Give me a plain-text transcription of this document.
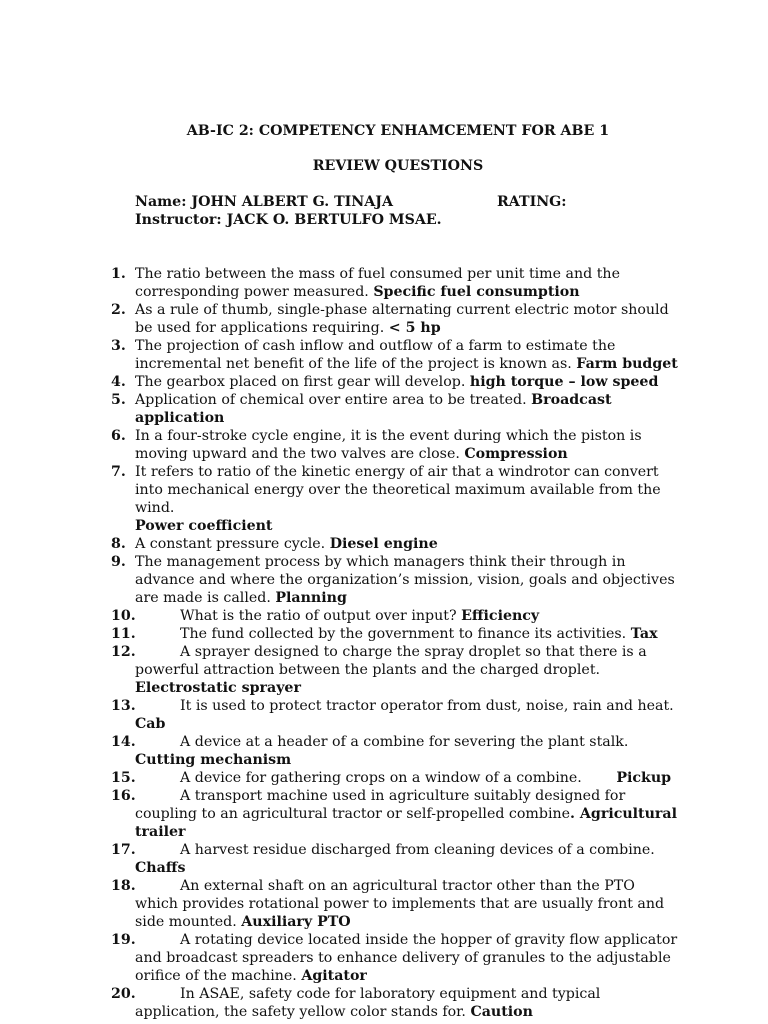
AB-IC 2: COMPETENCY ENHAMCEMENT FOR ABE 1
REVIEW QUESTIONS
Name: JOHN ALBERT G. TINAJA	RATING:
Instructor: JACK O. BERTULFO MSAE.
1. The ratio between the mass of fuel consumed per unit time and the corresponding power measured. Specific fuel consumption
2. As a rule of thumb, single-phase alternating current electric motor should be used for applications requiring. < 5 hp
3. The projection of cash inflow and outflow of a farm to estimate the incremental net benefit of the life of the project is known as. Farm budget
4. The gearbox placed on first gear will develop. high torque – low speed
5. Application of chemical over entire area to be treated. Broadcast application
6. In a four-stroke cycle engine, it is the event during which the piston is moving upward and the two valves are close. Compression
7. It refers to ratio of the kinetic energy of air that a windrotor can convert into mechanical energy over the theoretical maximum available from the wind.
Power coefficient
8. A constant pressure cycle. Diesel engine
9. The management process by which managers think their through in advance and where the organization’s mission, vision, goals and objectives are made is called. Planning
10.	What is the ratio of output over input? Efficiency
11.	The fund collected by the government to finance its activities. Tax
12.	A sprayer designed to charge the spray droplet so that there is a powerful attraction between the plants and the charged droplet. Electrostatic sprayer
13.	It is used to protect tractor operator from dust, noise, rain and heat. Cab
14.	A device at a header of a combine for severing the plant stalk. Cutting mechanism
15.	A device for gathering crops on a window of a combine. Pickup
16.	A transport machine used in agriculture suitably designed for coupling to an agricultural tractor or self-propelled combine. Agricultural trailer
17.	A harvest residue discharged from cleaning devices of a combine. Chaffs
18.	An external shaft on an agricultural tractor other than the PTO which provides rotational power to implements that are usually front and side mounted. Auxiliary PTO
19.	A rotating device located inside the hopper of gravity flow applicator and broadcast spreaders to enhance delivery of granules to the adjustable orifice of the machine. Agitator
20.	In ASAE, safety code for laboratory equipment and typical application, the safety yellow color stands for. Caution
